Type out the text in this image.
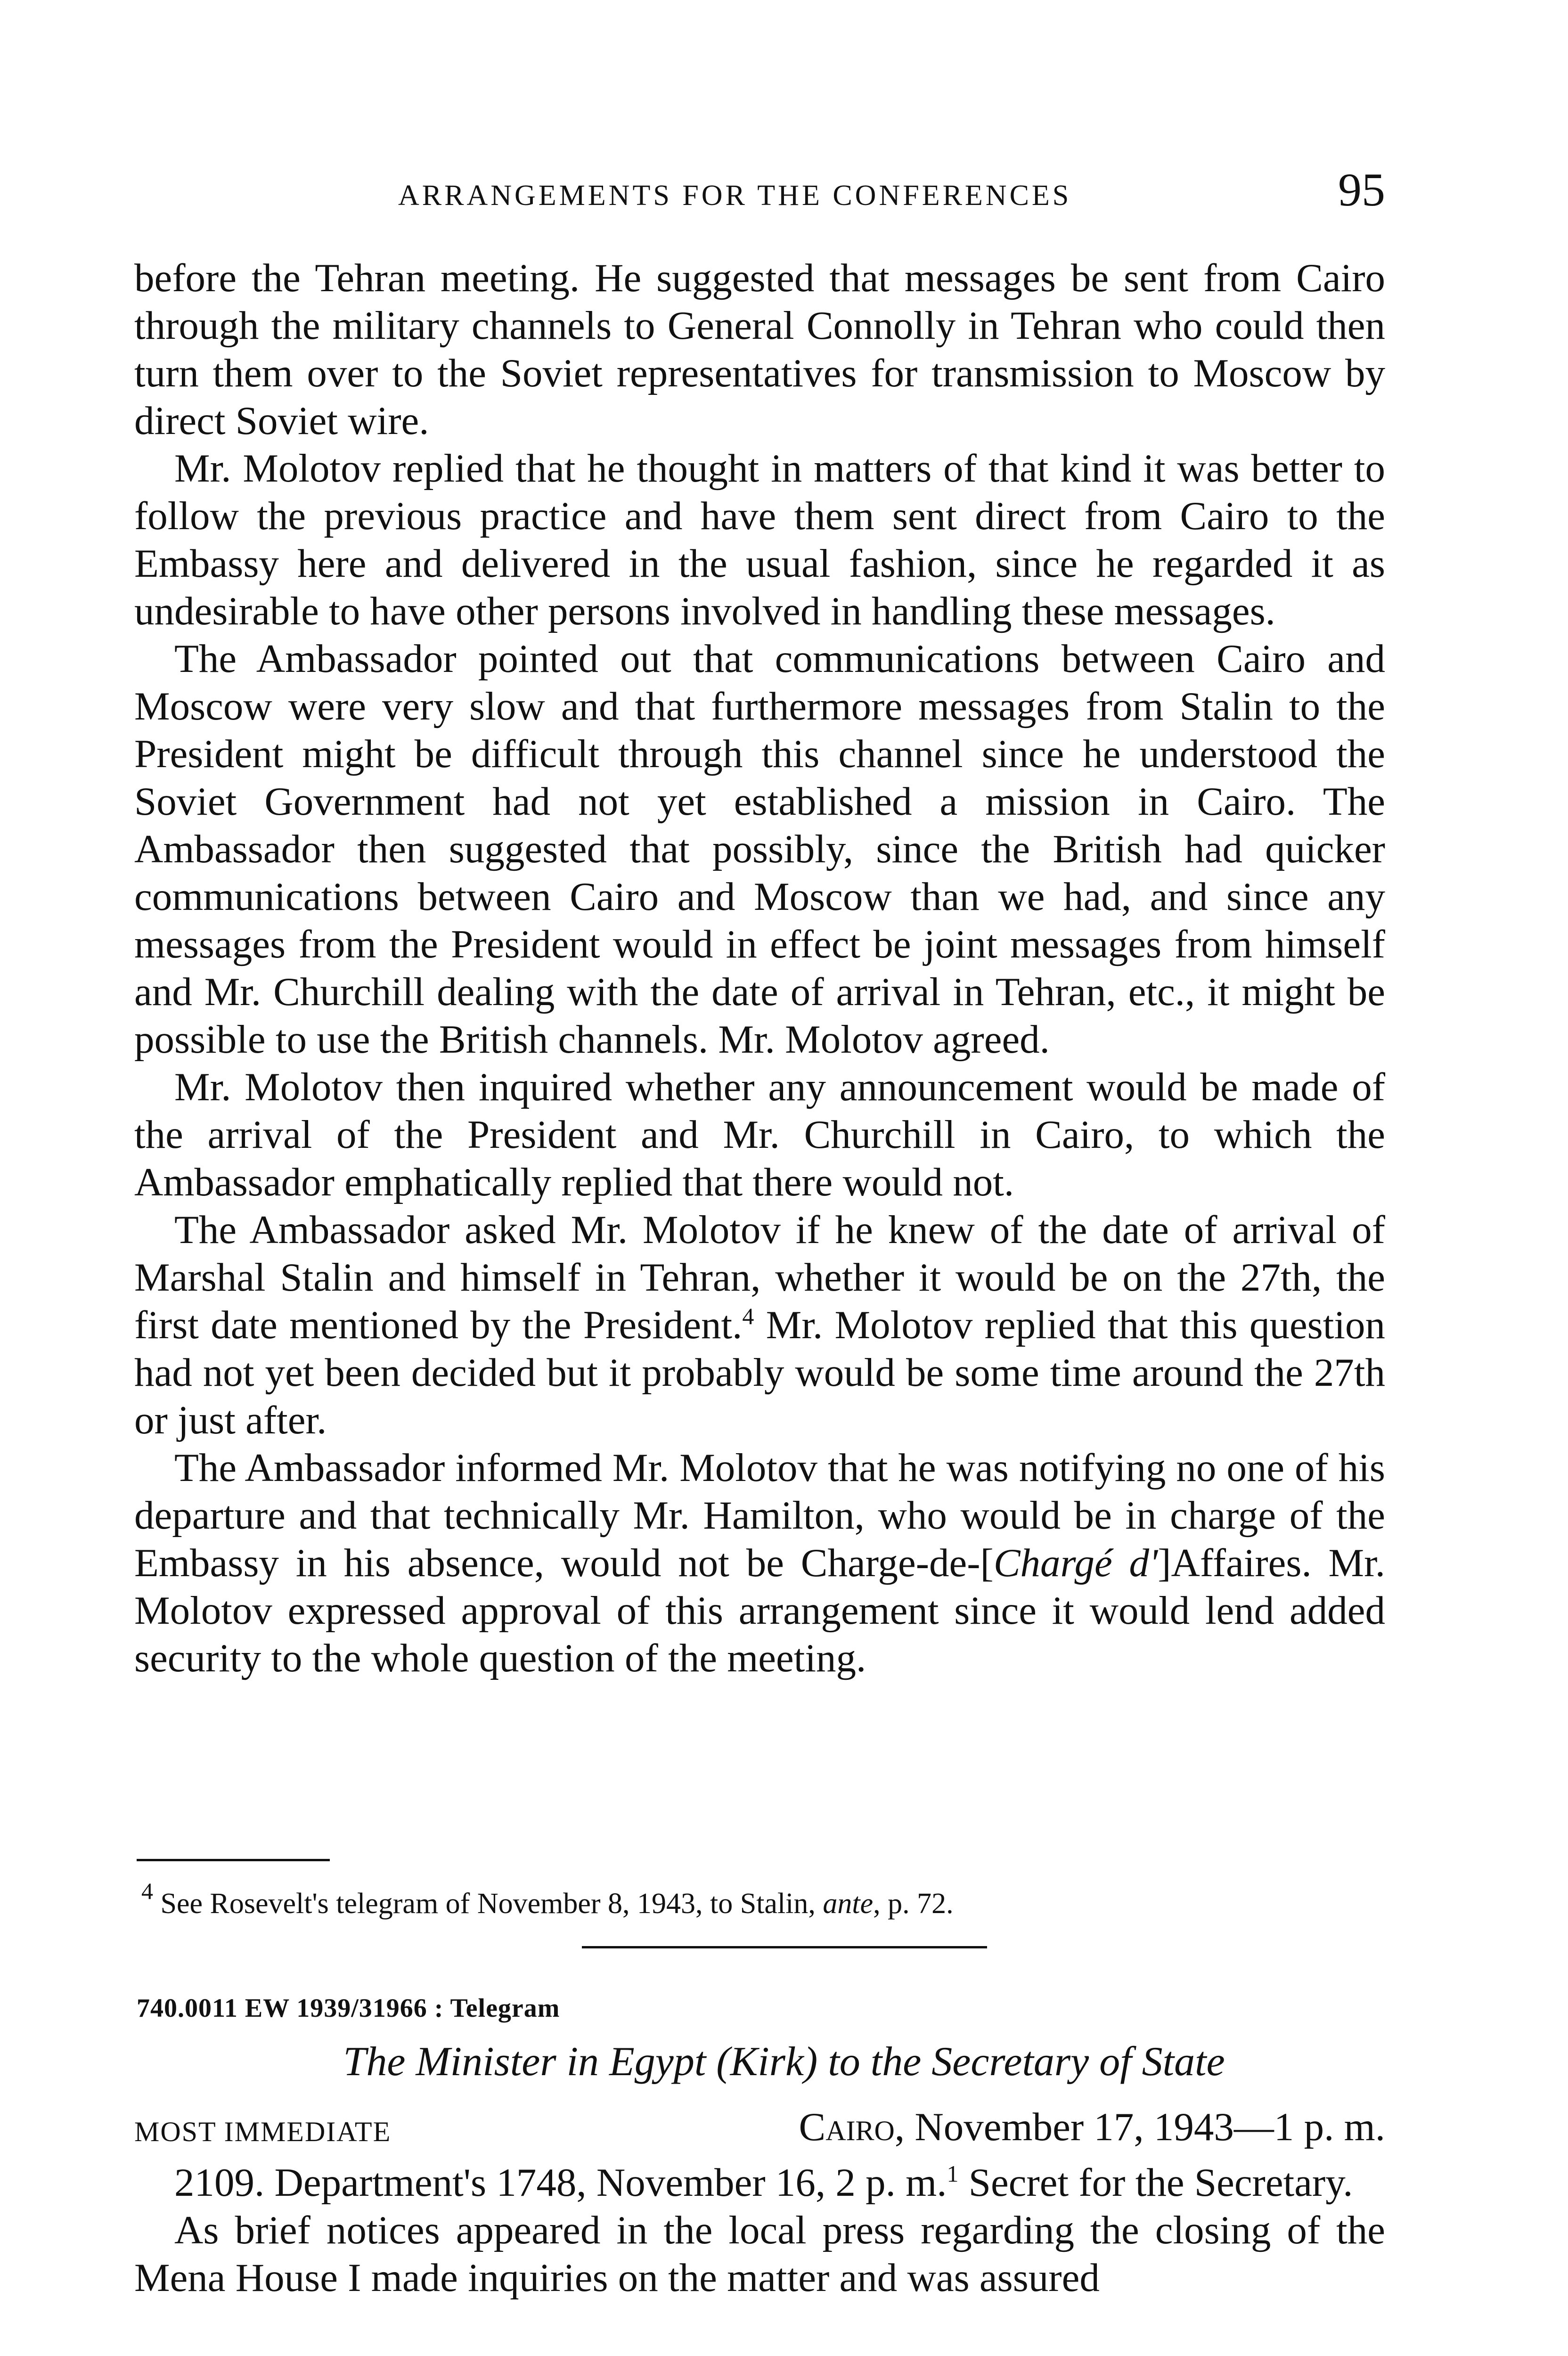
ARRANGEMENTS FOR THE CONFERENCES	95

before the Tehran meeting. He suggested that messages be sent from Cairo through the military channels to General Connolly in Tehran who could then turn them over to the Soviet representatives for transmission to Moscow by direct Soviet wire.

Mr. Molotov replied that he thought in matters of that kind it was better to follow the previous practice and have them sent direct from Cairo to the Embassy here and delivered in the usual fashion, since he regarded it as undesirable to have other persons involved in handling these messages.

The Ambassador pointed out that communications between Cairo and Moscow were very slow and that furthermore messages from Stalin to the President might be difficult through this channel since he understood the Soviet Government had not yet established a mission in Cairo. The Ambassador then suggested that possibly, since the British had quicker communications between Cairo and Moscow than we had, and since any messages from the President would in effect be joint messages from himself and Mr. Churchill dealing with the date of arrival in Tehran, etc., it might be possible to use the British channels. Mr. Molotov agreed.

Mr. Molotov then inquired whether any announcement would be made of the arrival of the President and Mr. Churchill in Cairo, to which the Ambassador emphatically replied that there would not.

The Ambassador asked Mr. Molotov if he knew of the date of arrival of Marshal Stalin and himself in Tehran, whether it would be on the 27th, the first date mentioned by the President.$^4$ Mr. Molotov replied that this question had not yet been decided but it probably would be some time around the 27th or just after.

The Ambassador informed Mr. Molotov that he was notifying no one of his departure and that technically Mr. Hamilton, who would be in charge of the Embassy in his absence, would not be Charge-de-[Chargé d']Affaires. Mr. Molotov expressed approval of this arrangement since it would lend added security to the whole question of the meeting.

$^4$ See Rosevelt's telegram of November 8, 1943, to Stalin, ante, p. 72.
740.0011 EW 1939/31966 : Telegram
The Minister in Egypt (Kirk) to the Secretary of State
MOST IMMEDIATE	Cairo, November 17, 1943—1 p. m.

2109. Department's 1748, November 16, 2 p. m.$^1$ Secret for the Secretary.

As brief notices appeared in the local press regarding the closing of the Mena House I made inquiries on the matter and was assured
